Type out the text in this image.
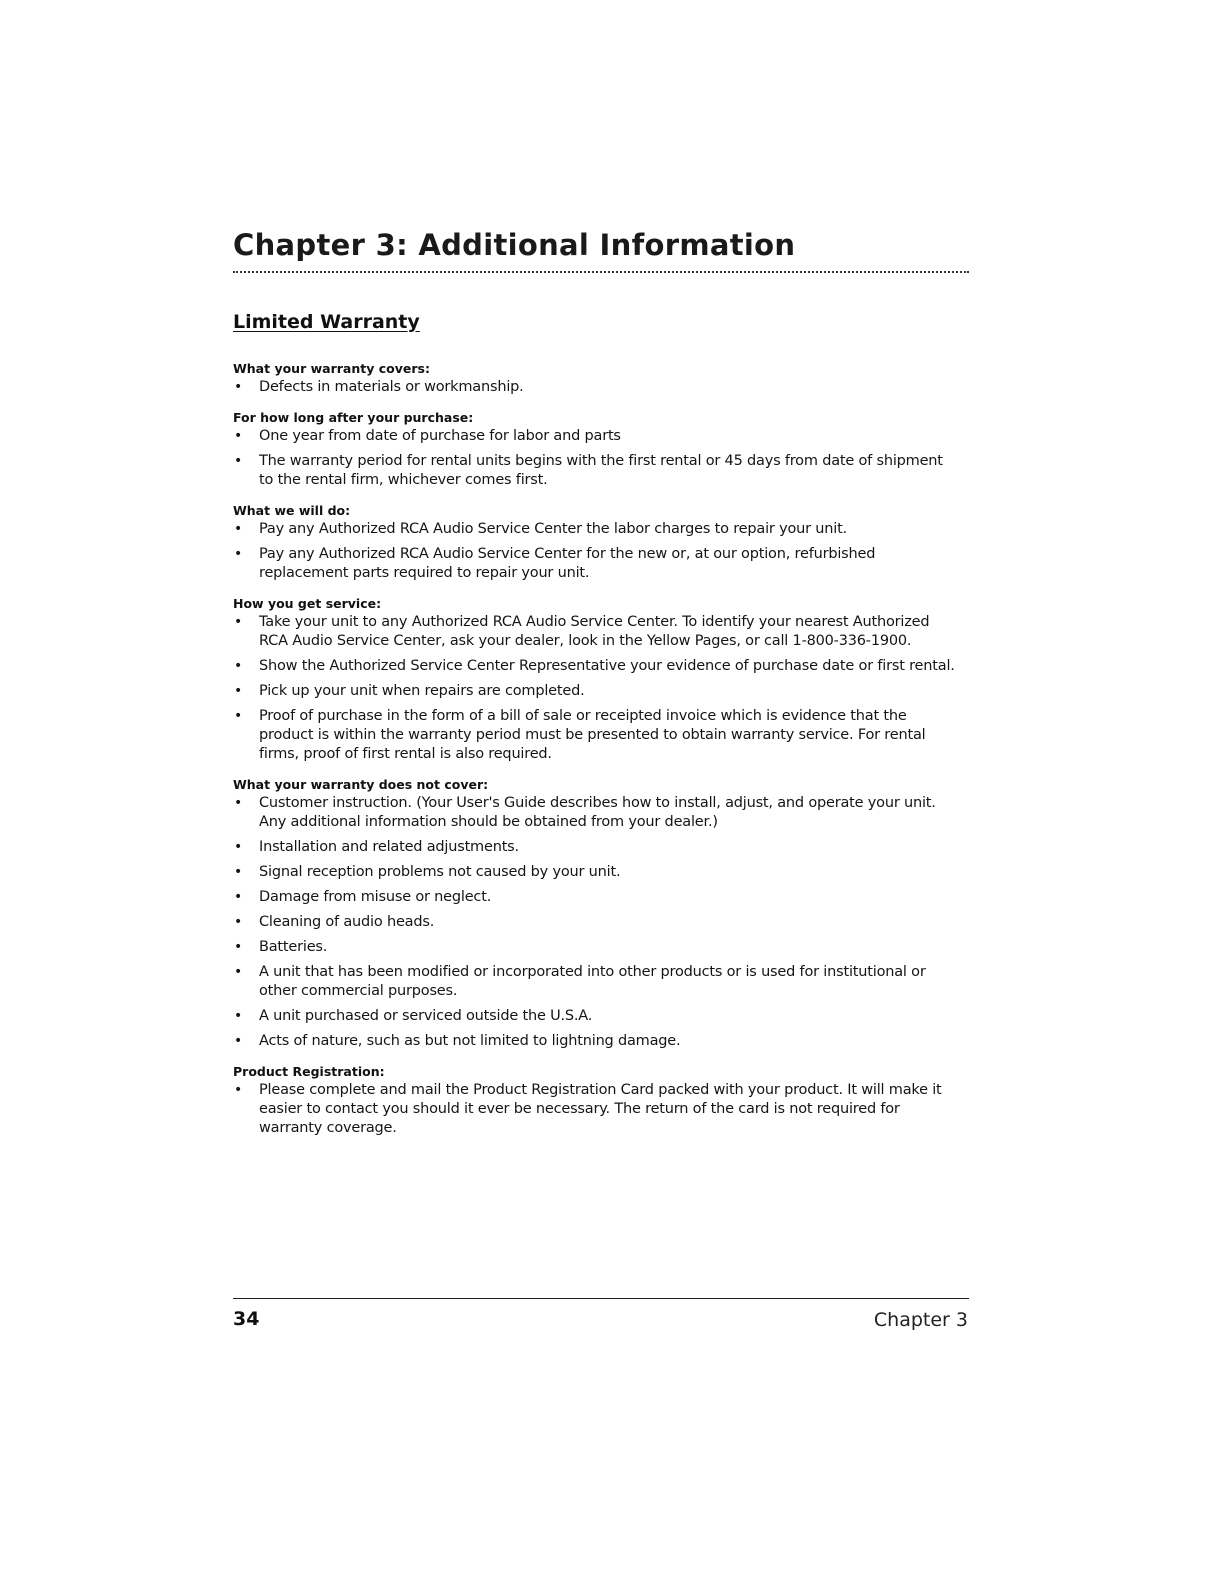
Chapter 3: Additional Information
Limited Warranty
What your warranty covers:
• Defects in materials or workmanship.
For how long after your purchase:
• One year from date of purchase for labor and parts
• The warranty period for rental units begins with the first rental or 45 days from date of shipment to the rental firm, whichever comes first.
What we will do:
• Pay any Authorized RCA Audio Service Center the labor charges to repair your unit.
• Pay any Authorized RCA Audio Service Center for the new or, at our option, refurbished replacement parts required to repair your unit.
How you get service:
• Take your unit to any Authorized RCA Audio Service Center. To identify your nearest Authorized RCA Audio Service Center, ask your dealer, look in the Yellow Pages, or call 1-800-336-1900.
• Show the Authorized Service Center Representative your evidence of purchase date or first rental.
• Pick up your unit when repairs are completed.
• Proof of purchase in the form of a bill of sale or receipted invoice which is evidence that the product is within the warranty period must be presented to obtain warranty service. For rental firms, proof of first rental is also required.
What your warranty does not cover:
• Customer instruction. (Your User's Guide describes how to install, adjust, and operate your unit. Any additional information should be obtained from your dealer.)
• Installation and related adjustments.
• Signal reception problems not caused by your unit.
• Damage from misuse or neglect.
• Cleaning of audio heads.
• Batteries.
• A unit that has been modified or incorporated into other products or is used for institutional or other commercial purposes.
• A unit purchased or serviced outside the U.S.A.
• Acts of nature, such as but not limited to lightning damage.
Product Registration:
• Please complete and mail the Product Registration Card packed with your product. It will make it easier to contact you should it ever be necessary. The return of the card is not required for warranty coverage.
34	Chapter 3
